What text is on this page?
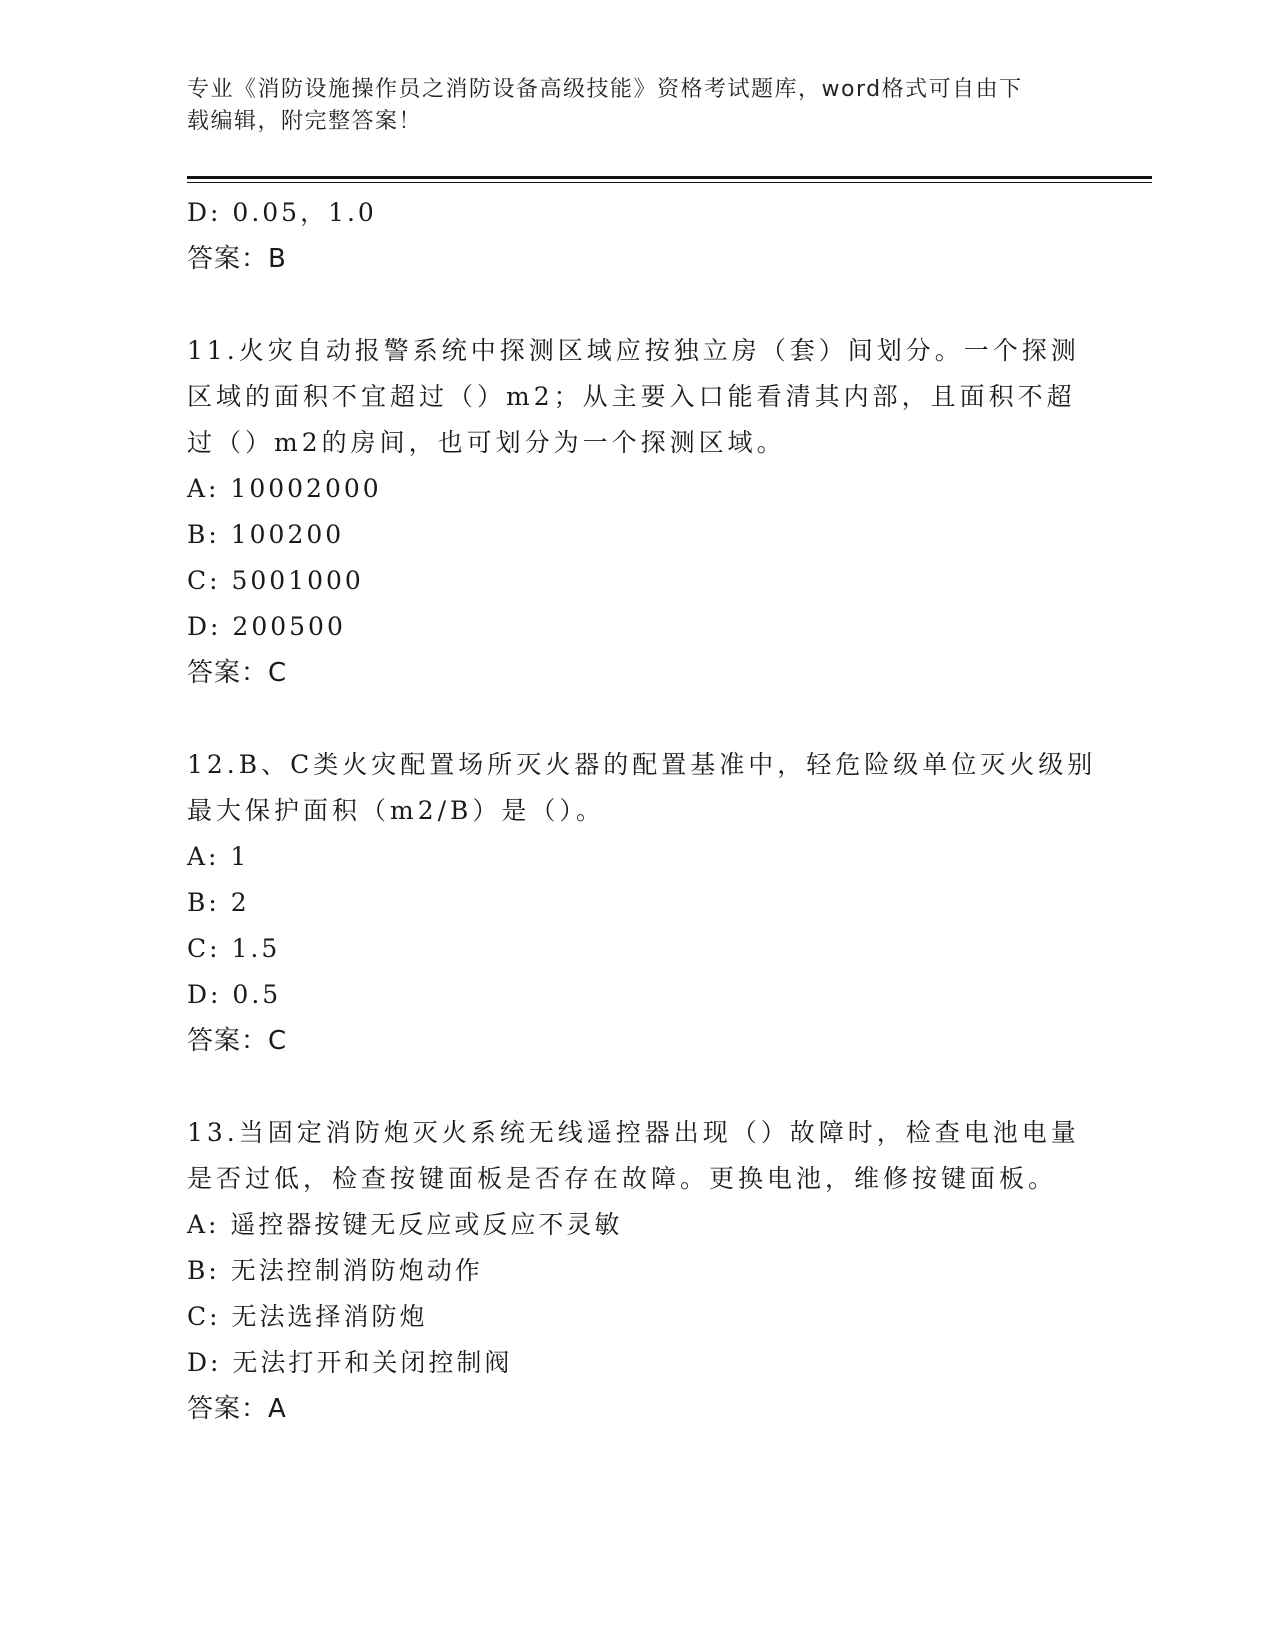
专业《消防设施操作员之消防设备高级技能》资格考试题库，word格式可自由下
载编辑，附完整答案！
D: 0.05，1.0
答案：B
11.火灾自动报警系统中探测区域应按独立房（套）间划分。一个探测
区域的面积不宜超过（）m2；从主要入口能看清其内部，且面积不超
过（）m2的房间，也可划分为一个探测区域。
A: 10002000
B: 100200
C: 5001000
D: 200500
答案：C
12.B、C类火灾配置场所灭火器的配置基准中，轻危险级单位灭火级别
最大保护面积（m2/B）是（）。
A: 1
B: 2
C: 1.5
D: 0.5
答案：C
13.当固定消防炮灭火系统无线遥控器出现（）故障时，检查电池电量
是否过低，检查按键面板是否存在故障。更换电池，维修按键面板。
A: 遥控器按键无反应或反应不灵敏
B: 无法控制消防炮动作
C: 无法选择消防炮
D: 无法打开和关闭控制阀
答案：A
